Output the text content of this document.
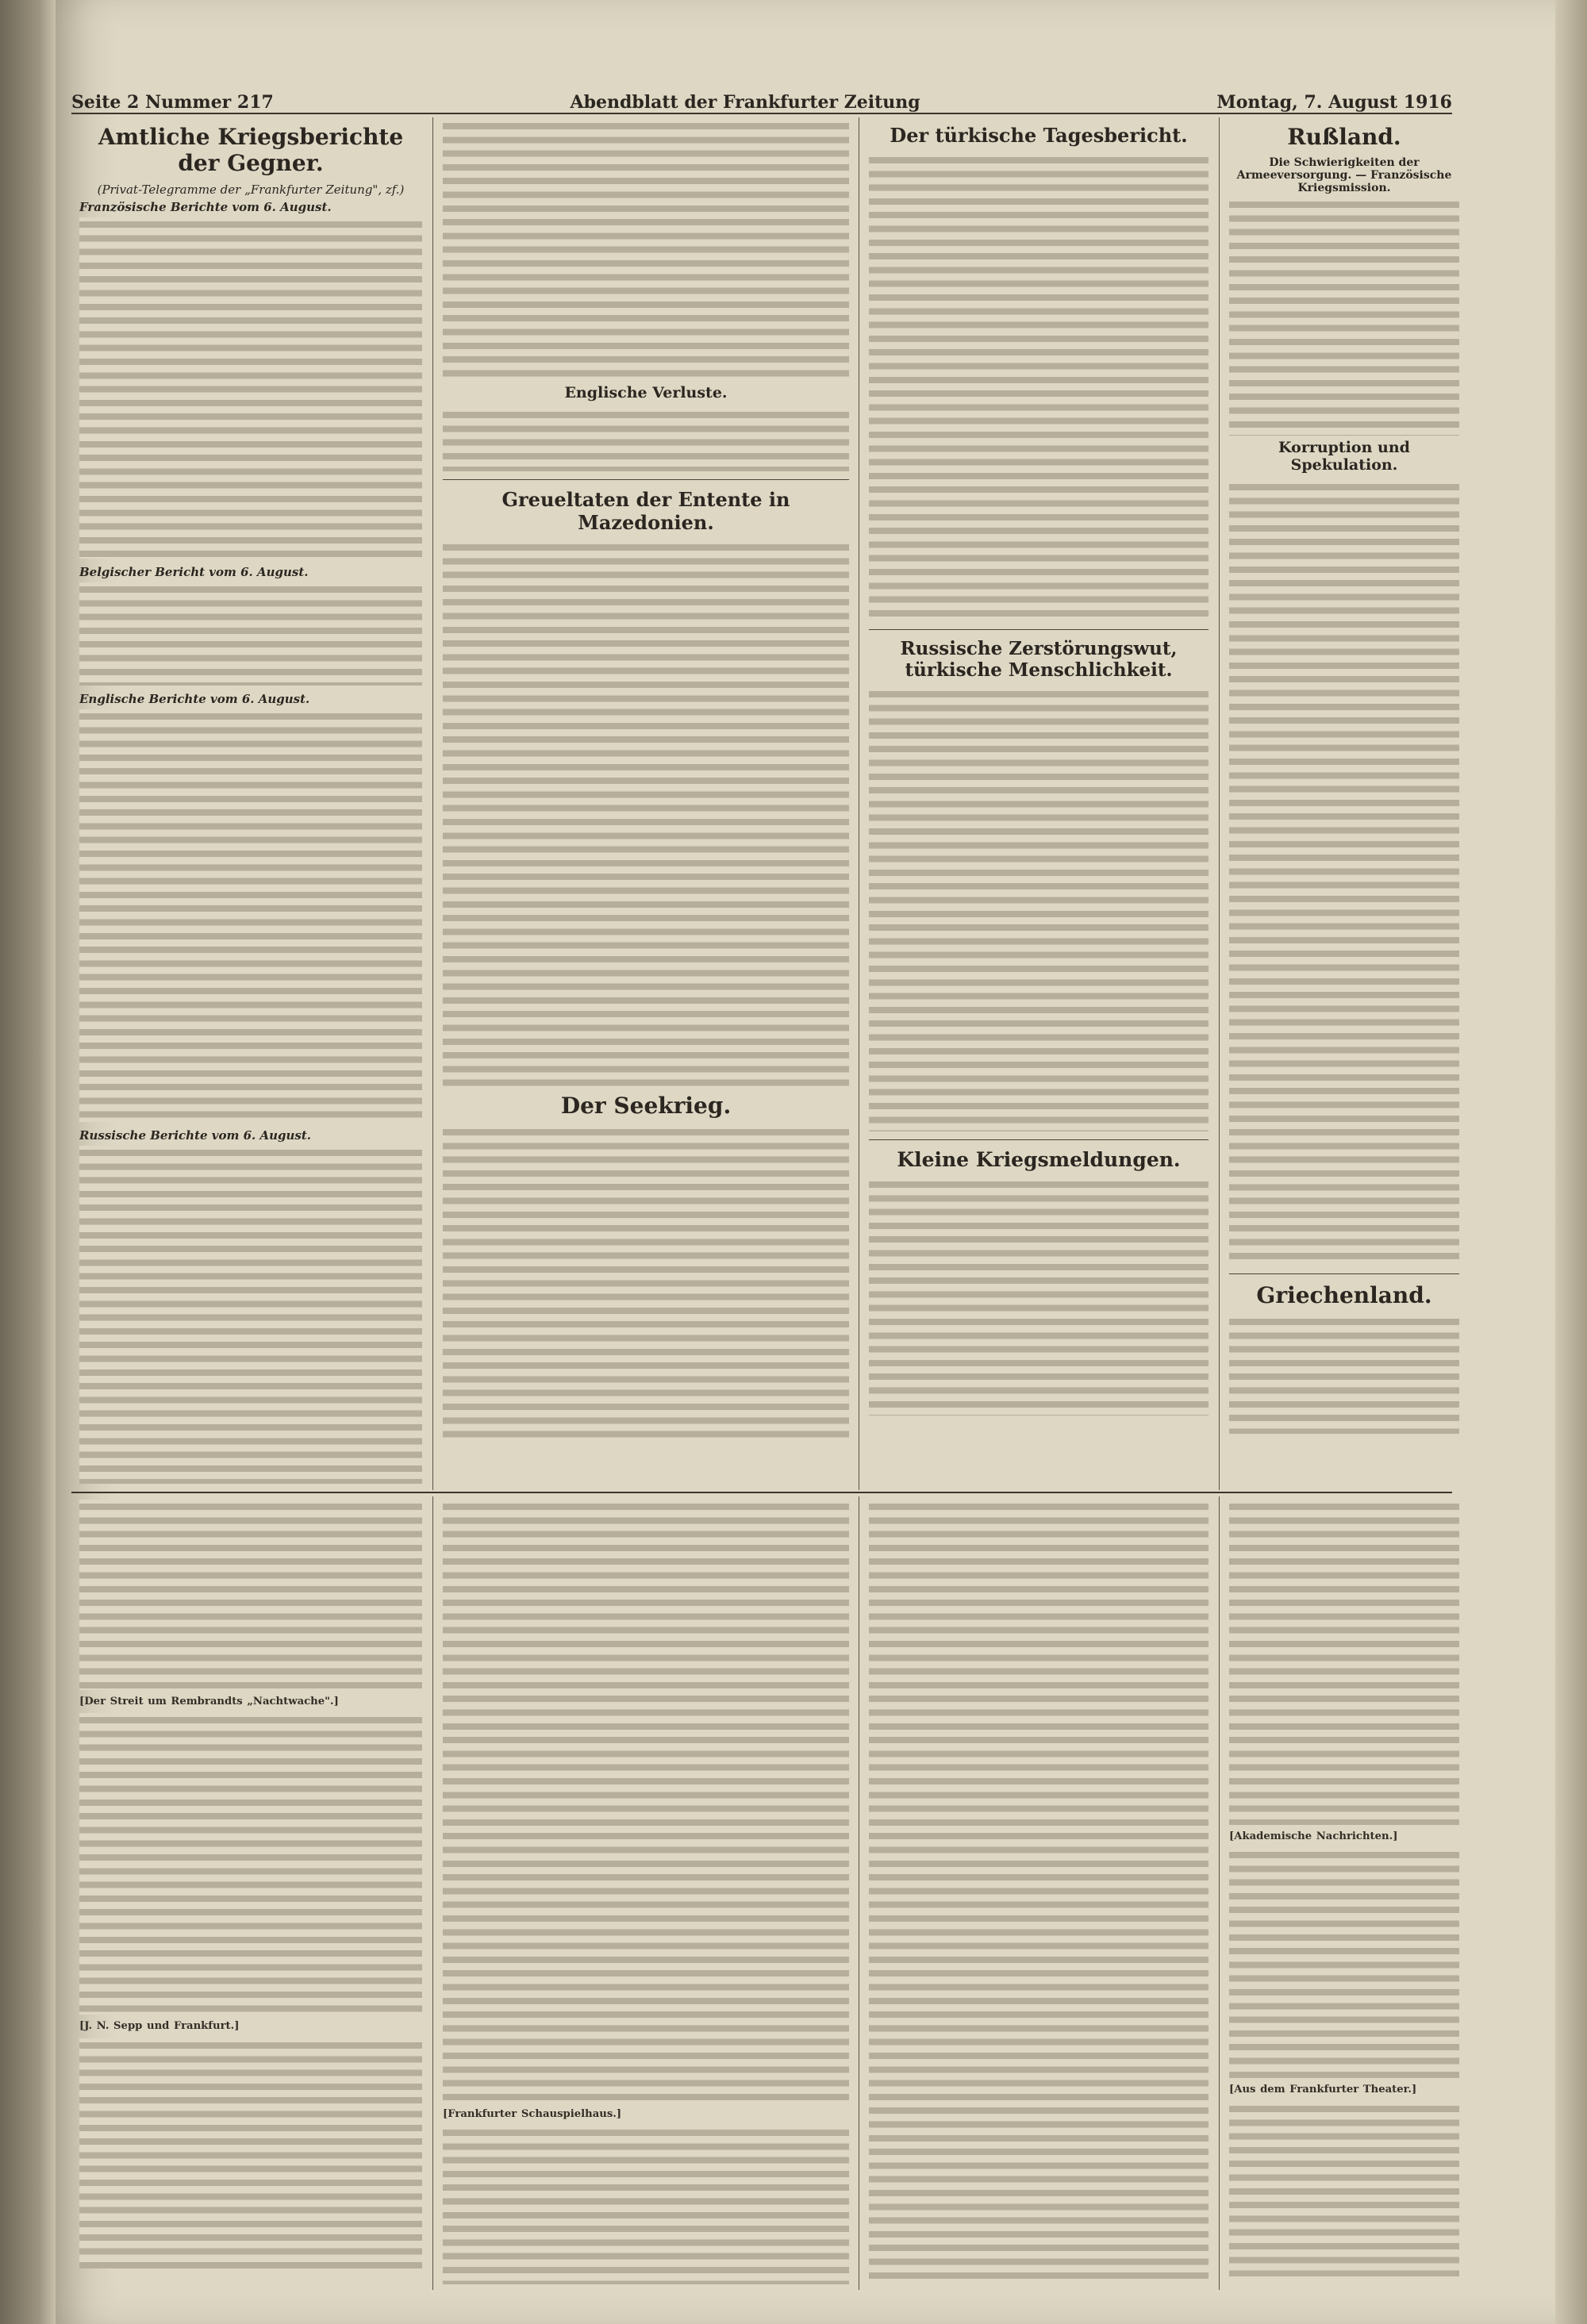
Seite 2 Nummer 217	Abendblatt der Frankfurter Zeitung	Montag, 7. August 1916
Amtliche Kriegsberichte der Gegner.
(Privat-Telegramme der „Frankfurter Zeitung", zf.)
Französische Berichte vom 6. August.
Belgischer Bericht vom 6. August.
Englische Berichte vom 6. August.
Russische Berichte vom 6. August.
Englische Verluste.
Greueltaten der Entente in Mazedonien.
Der Seekrieg.
Der türkische Tagesbericht.
Russische Zerstörungswut, türkische Menschlichkeit.
Kleine Kriegsmeldungen.
Rußland.
Die Schwierigkeiten der Armeeversorgung. — Französische Kriegsmission.
Korruption und Spekulation.
Griechenland.
[Der Streit um Rembrandts „Nachtwache".]
[J. N. Sepp und Frankfurt.]
[Frankfurter Schauspielhaus.]
[Akademische Nachrichten.]
[Aus dem Frankfurter Theater.]
